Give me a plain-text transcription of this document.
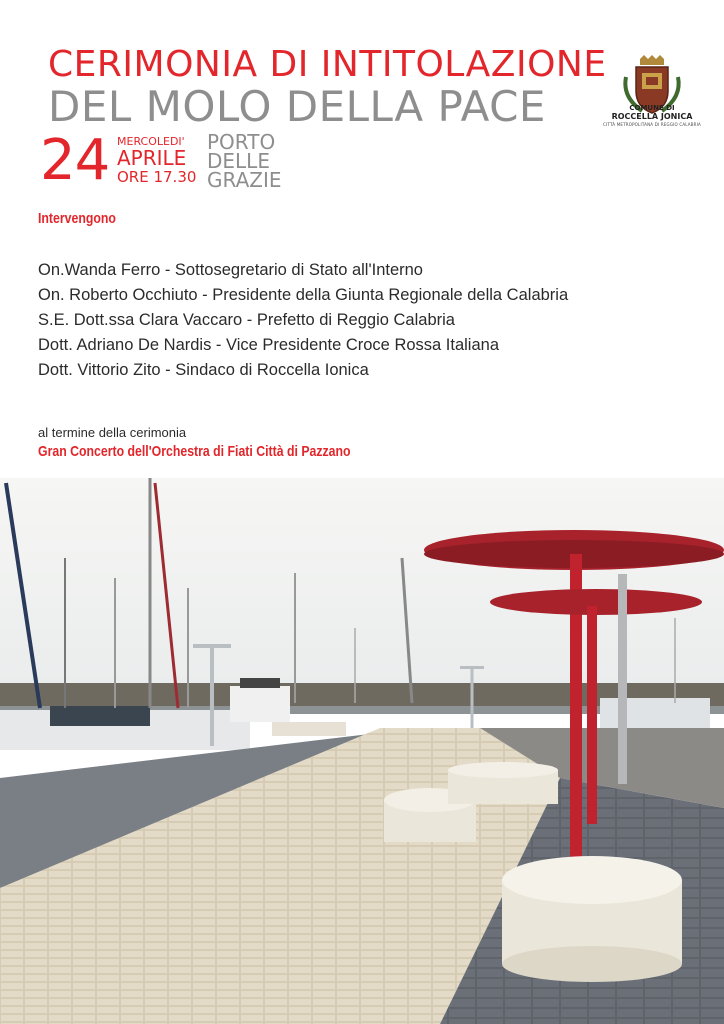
CERIMONIA DI INTITOLAZIONE
DEL MOLO DELLA PACE	COMUNE DI
ROCCELLA JONICA
CITTÀ METROPOLITANA DI REGGIO CALABRIA
24 MERCOLEDI'
APRILE
ORE 17.30
PORTO
DELLE
GRAZIE
Intervengono
On.Wanda Ferro - Sottosegretario di Stato all'Interno
On. Roberto Occhiuto - Presidente della Giunta Regionale della Calabria
S.E. Dott.ssa Clara Vaccaro - Prefetto di Reggio Calabria
Dott. Adriano De Nardis - Vice Presidente Croce Rossa Italiana
Dott. Vittorio Zito - Sindaco di Roccella Ionica
al termine della cerimonia
Gran Concerto dell'Orchestra di Fiati Città di Pazzano
